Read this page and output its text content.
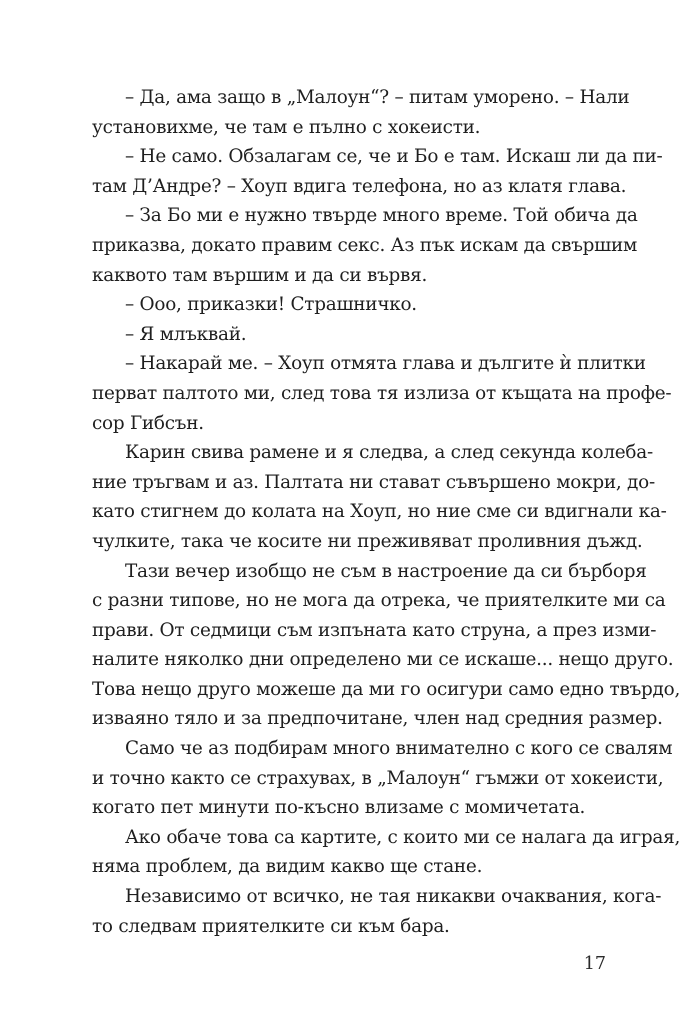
– Да, ама защо в „Малоун“? – питам уморено. – Нали
установихме, че там е пълно с хокеисти.

– Не само. Обзалагам се, че и Бо е там. Искаш ли да пи-
там Д’Андре? – Хоуп вдига телефона, но аз клатя глава.

– За Бо ми е нужно твърде много време. Той обича да
приказва, докато правим секс. Аз пък искам да свършим
каквото там вършим и да си вървя.

– Ооо, приказки! Страшничко.

– Я млъквай.

– Накарай ме. – Хоуп отмята глава и дългите ѝ плитки
перват палтото ми, след това тя излиза от къщата на профе-
сор Гибсън.

Карин свива рамене и я следва, а след секунда колеба-
ние тръгвам и аз. Палтата ни стават съвършено мокри, до-
като стигнем до колата на Хоуп, но ние сме си вдигнали ка-
чулките, така че косите ни преживяват проливния дъжд.

Тази вечер изобщо не съм в настроение да си бърборя
с разни типове, но не мога да отрека, че приятелките ми са
прави. От седмици съм изпъната като струна, а през изми-
налите няколко дни определено ми се искаше... нещо друго.
Това нещо друго можеше да ми го осигури само едно твърдо,
изваяно тяло и за предпочитане, член над средния размер.

Само че аз подбирам много внимателно с кого се свалям
и точно както се страхувах, в „Малоун“ гъмжи от хокеисти,
когато пет минути по-късно влизаме с момичетата.

Ако обаче това са картите, с които ми се налага да играя,
няма проблем, да видим какво ще стане.

Независимо от всичко, не тая никакви очаквания, кога-
то следвам приятелките си към бара.

17
